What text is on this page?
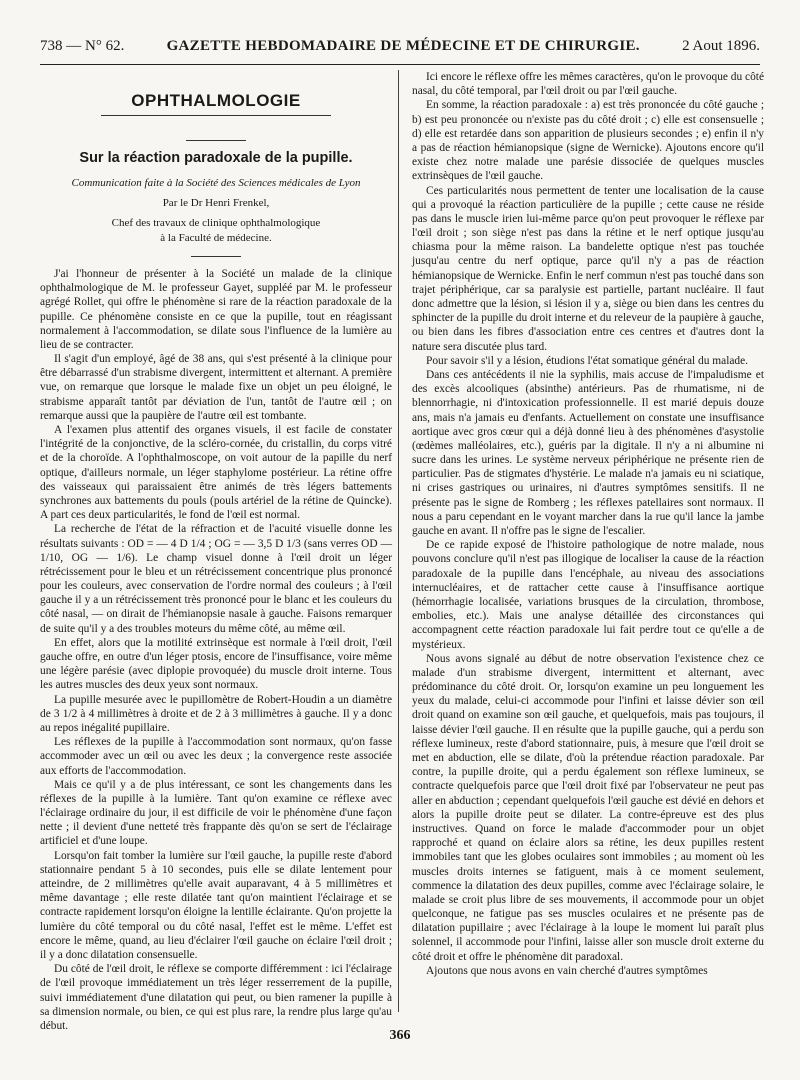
738 — N° 62.	GAZETTE HEBDOMADAIRE DE MÉDECINE ET DE CHIRURGIE.	2 Aout 1896.
OPHTHALMOLOGIE
Sur la réaction paradoxale de la pupille.
Communication faite à la Société des Sciences médicales de Lyon
Par le Dr Henri Frenkel,
Chef des travaux de clinique ophthalmologique
à la Faculté de médecine.

J'ai l'honneur de présenter à la Société un malade de la clinique ophthalmologique de M. le professeur Gayet, suppléé par M. le professeur agrégé Rollet, qui offre le phénomène si rare de la réaction paradoxale de la pupille. Ce phénomène consiste en ce que la pupille, tout en réagissant normalement à l'accommodation, se dilate sous l'influence de la lumière au lieu de se contracter.

Il s'agit d'un employé, âgé de 38 ans, qui s'est présenté à la clinique pour être débarrassé d'un strabisme divergent, intermittent et alternant. A première vue, on remarque que lorsque le malade fixe un objet un peu éloigné, le strabisme apparaît tantôt par déviation de l'un, tantôt de l'autre œil ; on remarque aussi que la paupière de l'autre œil est tombante.

A l'examen plus attentif des organes visuels, il est facile de constater l'intégrité de la conjonctive, de la scléro-cornée, du cristallin, du corps vitré et de la choroïde. A l'ophthalmoscope, on voit autour de la papille du nerf optique, d'ailleurs normale, un léger staphylome postérieur. La rétine offre des vaisseaux qui paraissaient être animés de très légers battements synchrones aux battements du pouls (pouls artériel de la rétine de Quincke). A part ces deux particularités, le fond de l'œil est normal.

La recherche de l'état de la réfraction et de l'acuité visuelle donne les résultats suivants : OD = — 4 D 1/4 ; OG = — 3,5 D 1/3 (sans verres OD — 1/10, OG — 1/6). Le champ visuel donne à l'œil droit un léger rétrécissement pour le bleu et un rétrécissement concentrique plus prononcé pour les couleurs, avec conservation de l'ordre normal des couleurs ; à l'œil gauche il y a un rétrécissement très prononcé pour le blanc et les couleurs du côté nasal, — on dirait de l'hémianopsie nasale à gauche. Faisons remarquer de suite qu'il y a des troubles moteurs du même côté, au même œil.

En effet, alors que la motilité extrinsèque est normale à l'œil droit, l'œil gauche offre, en outre d'un léger ptosis, encore de l'insuffisance, voire même une légère parésie (avec diplopie provoquée) du muscle droit interne. Tous les autres muscles des deux yeux sont normaux.

La pupille mesurée avec le pupillomètre de Robert-Houdin a un diamètre de 3 1/2 à 4 millimètres à droite et de 2 à 3 millimètres à gauche. Il y a donc au repos inégalité pupillaire.

Les réflexes de la pupille à l'accommodation sont normaux, qu'on fasse accommoder avec un œil ou avec les deux ; la convergence reste associée aux efforts de l'accommodation.

Mais ce qu'il y a de plus intéressant, ce sont les changements dans les réflexes de la pupille à la lumière. Tant qu'on examine ce réflexe avec l'éclairage ordinaire du jour, il est difficile de voir le phénomène d'une façon nette ; il devient d'une netteté très frappante dès qu'on se sert de l'éclairage artificiel et d'une loupe.

Lorsqu'on fait tomber la lumière sur l'œil gauche, la pupille reste d'abord stationnaire pendant 5 à 10 secondes, puis elle se dilate lentement pour atteindre, de 2 millimètres qu'elle avait auparavant, 4 à 5 millimètres et même davantage ; elle reste dilatée tant qu'on maintient l'éclairage et se contracte rapidement lorsqu'on éloigne la lentille éclairante. Qu'on projette la lumière du côté temporal ou du côté nasal, l'effet est le même. L'effet est encore le même, quand, au lieu d'éclairer l'œil gauche on éclaire l'œil droit ; il y a donc dilatation consensuelle.

Du côté de l'œil droit, le réflexe se comporte différemment : ici l'éclairage de l'œil provoque immédiatement un très léger resserrement de la pupille, suivi immédiatement d'une dilatation qui peut, ou bien ramener la pupille à sa dimension normale, ou bien, ce qui est plus rare, la rendre plus large qu'au début.

Ici encore le réflexe offre les mêmes caractères, qu'on le provoque du côté nasal, du côté temporal, par l'œil droit ou par l'œil gauche.

En somme, la réaction paradoxale : a) est très prononcée du côté gauche ; b) est peu prononcée ou n'existe pas du côté droit ; c) elle est consensuelle ; d) elle est retardée dans son apparition de plusieurs secondes ; e) enfin il n'y a pas de réaction hémianopsique (signe de Wernicke). Ajoutons encore qu'il existe chez notre malade une parésie dissociée de quelques muscles extrinsèques de l'œil gauche.

Ces particularités nous permettent de tenter une localisation de la cause qui a provoqué la réaction particulière de la pupille ; cette cause ne réside pas dans le muscle irien lui-même parce qu'on peut provoquer le réflexe par l'œil droit ; son siège n'est pas dans la rétine et le nerf optique jusqu'au chiasma pour la même raison. La bandelette optique n'est pas touchée jusqu'au centre du nerf optique, parce qu'il n'y a pas de réaction hémianopsique de Wernicke. Enfin le nerf commun n'est pas touché dans son trajet périphérique, car sa paralysie est partielle, partant nucléaire. Il faut donc admettre que la lésion, si lésion il y a, siège ou bien dans les centres du sphincter de la pupille du droit interne et du releveur de la paupière à gauche, ou bien dans les fibres d'association entre ces centres et d'autres dont la nature sera discutée plus tard.

Pour savoir s'il y a lésion, étudions l'état somatique général du malade.

Dans ces antécédents il nie la syphilis, mais accuse de l'impaludisme et des excès alcooliques (absinthe) antérieurs. Pas de rhumatisme, ni de blennorrhagie, ni d'intoxication professionnelle. Il est marié depuis douze ans, mais n'a jamais eu d'enfants. Actuellement on constate une insuffisance aortique avec gros cœur qui a déjà donné lieu à des phénomènes d'asystolie (œdèmes malléolaires, etc.), guéris par la digitale. Il n'y a ni albumine ni sucre dans les urines. Le système nerveux périphérique ne présente rien de particulier. Pas de stigmates d'hystérie. Le malade n'a jamais eu ni sciatique, ni crises gastriques ou urinaires, ni d'autres symptômes sensitifs. Il ne présente pas le signe de Romberg ; les réflexes patellaires sont normaux. Il nous a paru cependant en le voyant marcher dans la rue qu'il lance la jambe gauche en avant. Il n'offre pas le signe de l'escalier.

De ce rapide exposé de l'histoire pathologique de notre malade, nous pouvons conclure qu'il n'est pas illogique de localiser la cause de la réaction paradoxale de la pupille dans l'encéphale, au niveau des associations internucléaires, et de rattacher cette cause à l'insuffisance aortique (hémorrhagie localisée, variations brusques de la circulation, thrombose, embolies, etc.). Mais une analyse détaillée des circonstances qui accompagnent cette réaction paradoxale lui fait perdre tout ce qu'elle a de mystérieux.

Nous avons signalé au début de notre observation l'existence chez ce malade d'un strabisme divergent, intermittent et alternant, avec prédominance du côté droit. Or, lorsqu'on examine un peu longuement les yeux du malade, celui-ci accommode pour l'infini et laisse dévier son œil droit quand on examine son œil gauche, et quelquefois, mais pas toujours, il laisse dévier l'œil gauche. Il en résulte que la pupille gauche, qui a perdu son réflexe lumineux, reste d'abord stationnaire, puis, à mesure que l'œil droit se met en abduction, elle se dilate, d'où la prétendue réaction paradoxale. Par contre, la pupille droite, qui a perdu également son réflexe lumineux, se contracte quelquefois parce que l'œil droit fixé par l'observateur ne peut pas aller en abduction ; cependant quelquefois l'œil gauche est dévié en dehors et alors la pupille droite peut se dilater. La contre-épreuve est des plus instructives. Quand on force le malade d'accommoder pour un objet rapproché et quand on éclaire alors sa rétine, les deux pupilles restent immobiles tant que les globes oculaires sont immobiles ; au moment où les muscles droits internes se fatiguent, mais à ce moment seulement, commence la dilatation des deux pupilles, comme avec l'éclairage solaire, le malade se croit plus libre de ses mouvements, il accommode pour un objet quelconque, ne fatigue pas ses muscles oculaires et ne présente pas de dilatation pupillaire ; avec l'éclairage à la loupe le moment lui paraît plus solennel, il accommode pour l'infini, laisse aller son muscle droit externe du côté droit et offre le phénomène dit paradoxal.

Ajoutons que nous avons en vain cherché d'autres symptômes

366
